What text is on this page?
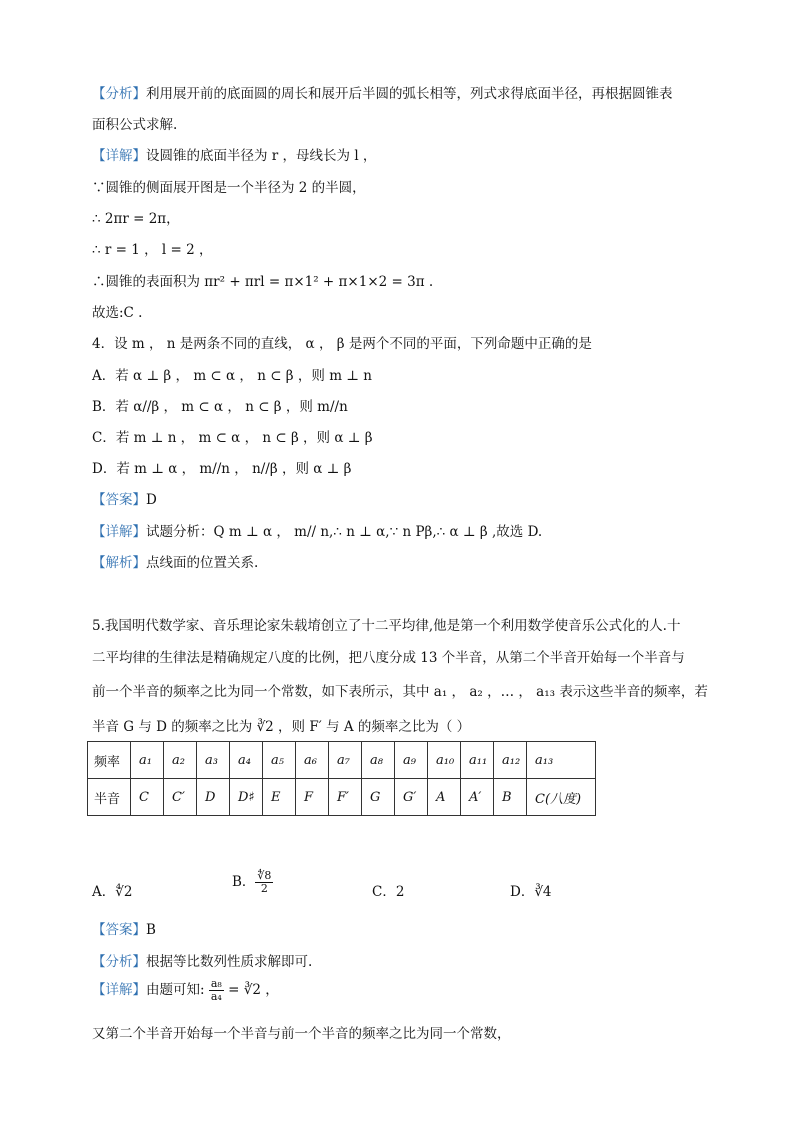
【分析】利用展开前的底面圆的周长和展开后半圆的弧长相等，列式求得底面半径，再根据圆锥表
面积公式求解.
【详解】设圆锥的底面半径为 r ，母线长为 l ，
∵圆锥的侧面展开图是一个半径为 2 的半圆，
∴ 2πr = 2π，
∴ r = 1 ， l = 2 ，
∴圆锥的表面积为 πr² + πrl = π×1² + π×1×2 = 3π .
故选:C .
4．设 m ， n 是两条不同的直线， α ， β 是两个不同的平面，下列命题中正确的是
A．若 α ⊥ β ， m ⊂ α ， n ⊂ β ，则 m ⊥ n
B．若 α//β ， m ⊂ α ， n ⊂ β ，则 m//n
C．若 m ⊥ n ， m ⊂ α ， n ⊂ β ，则 α ⊥ β
D．若 m ⊥ α ， m//n ， n//β ，则 α ⊥ β
【答案】D
【详解】试题分析：Q m ⊥ α ， m// n,∴ n ⊥ α,∵ n Pβ,∴ α ⊥ β ,故选 D.
【解析】点线面的位置关系.
5.我国明代数学家、音乐理论家朱载堉创立了十二平均律,他是第一个利用数学使音乐公式化的人.十
二平均律的生律法是精确规定八度的比例，把八度分成 13 个半音，从第二个半音开始每一个半音与
前一个半音的频率之比为同一个常数，如下表所示，其中 a₁ ， a₂ ，… ， a₁₃ 表示这些半音的频率，若
半音 G 与 D 的频率之比为 ∛2 ，则 F′ 与 A 的频率之比为（ ）
频率	a₁	a₂	a₃	a₄	a₅	a₆	a₇	a₈	a₉	a₁₀	a₁₁	a₁₂	a₁₃
半音	C	C′	D	D♯	E	F	F′	G	G′	A	A′	B	C(八度)
A．∜2
B． $\frac{∜8}{2}$	C．2	D．∛4
【答案】B
【分析】根据等比数列性质求解即可.
【详解】由题可知: $\frac{\text{a₈}}{\text{a₄}}$ = ∛2 ，
又第二个半音开始每一个半音与前一个半音的频率之比为同一个常数，
